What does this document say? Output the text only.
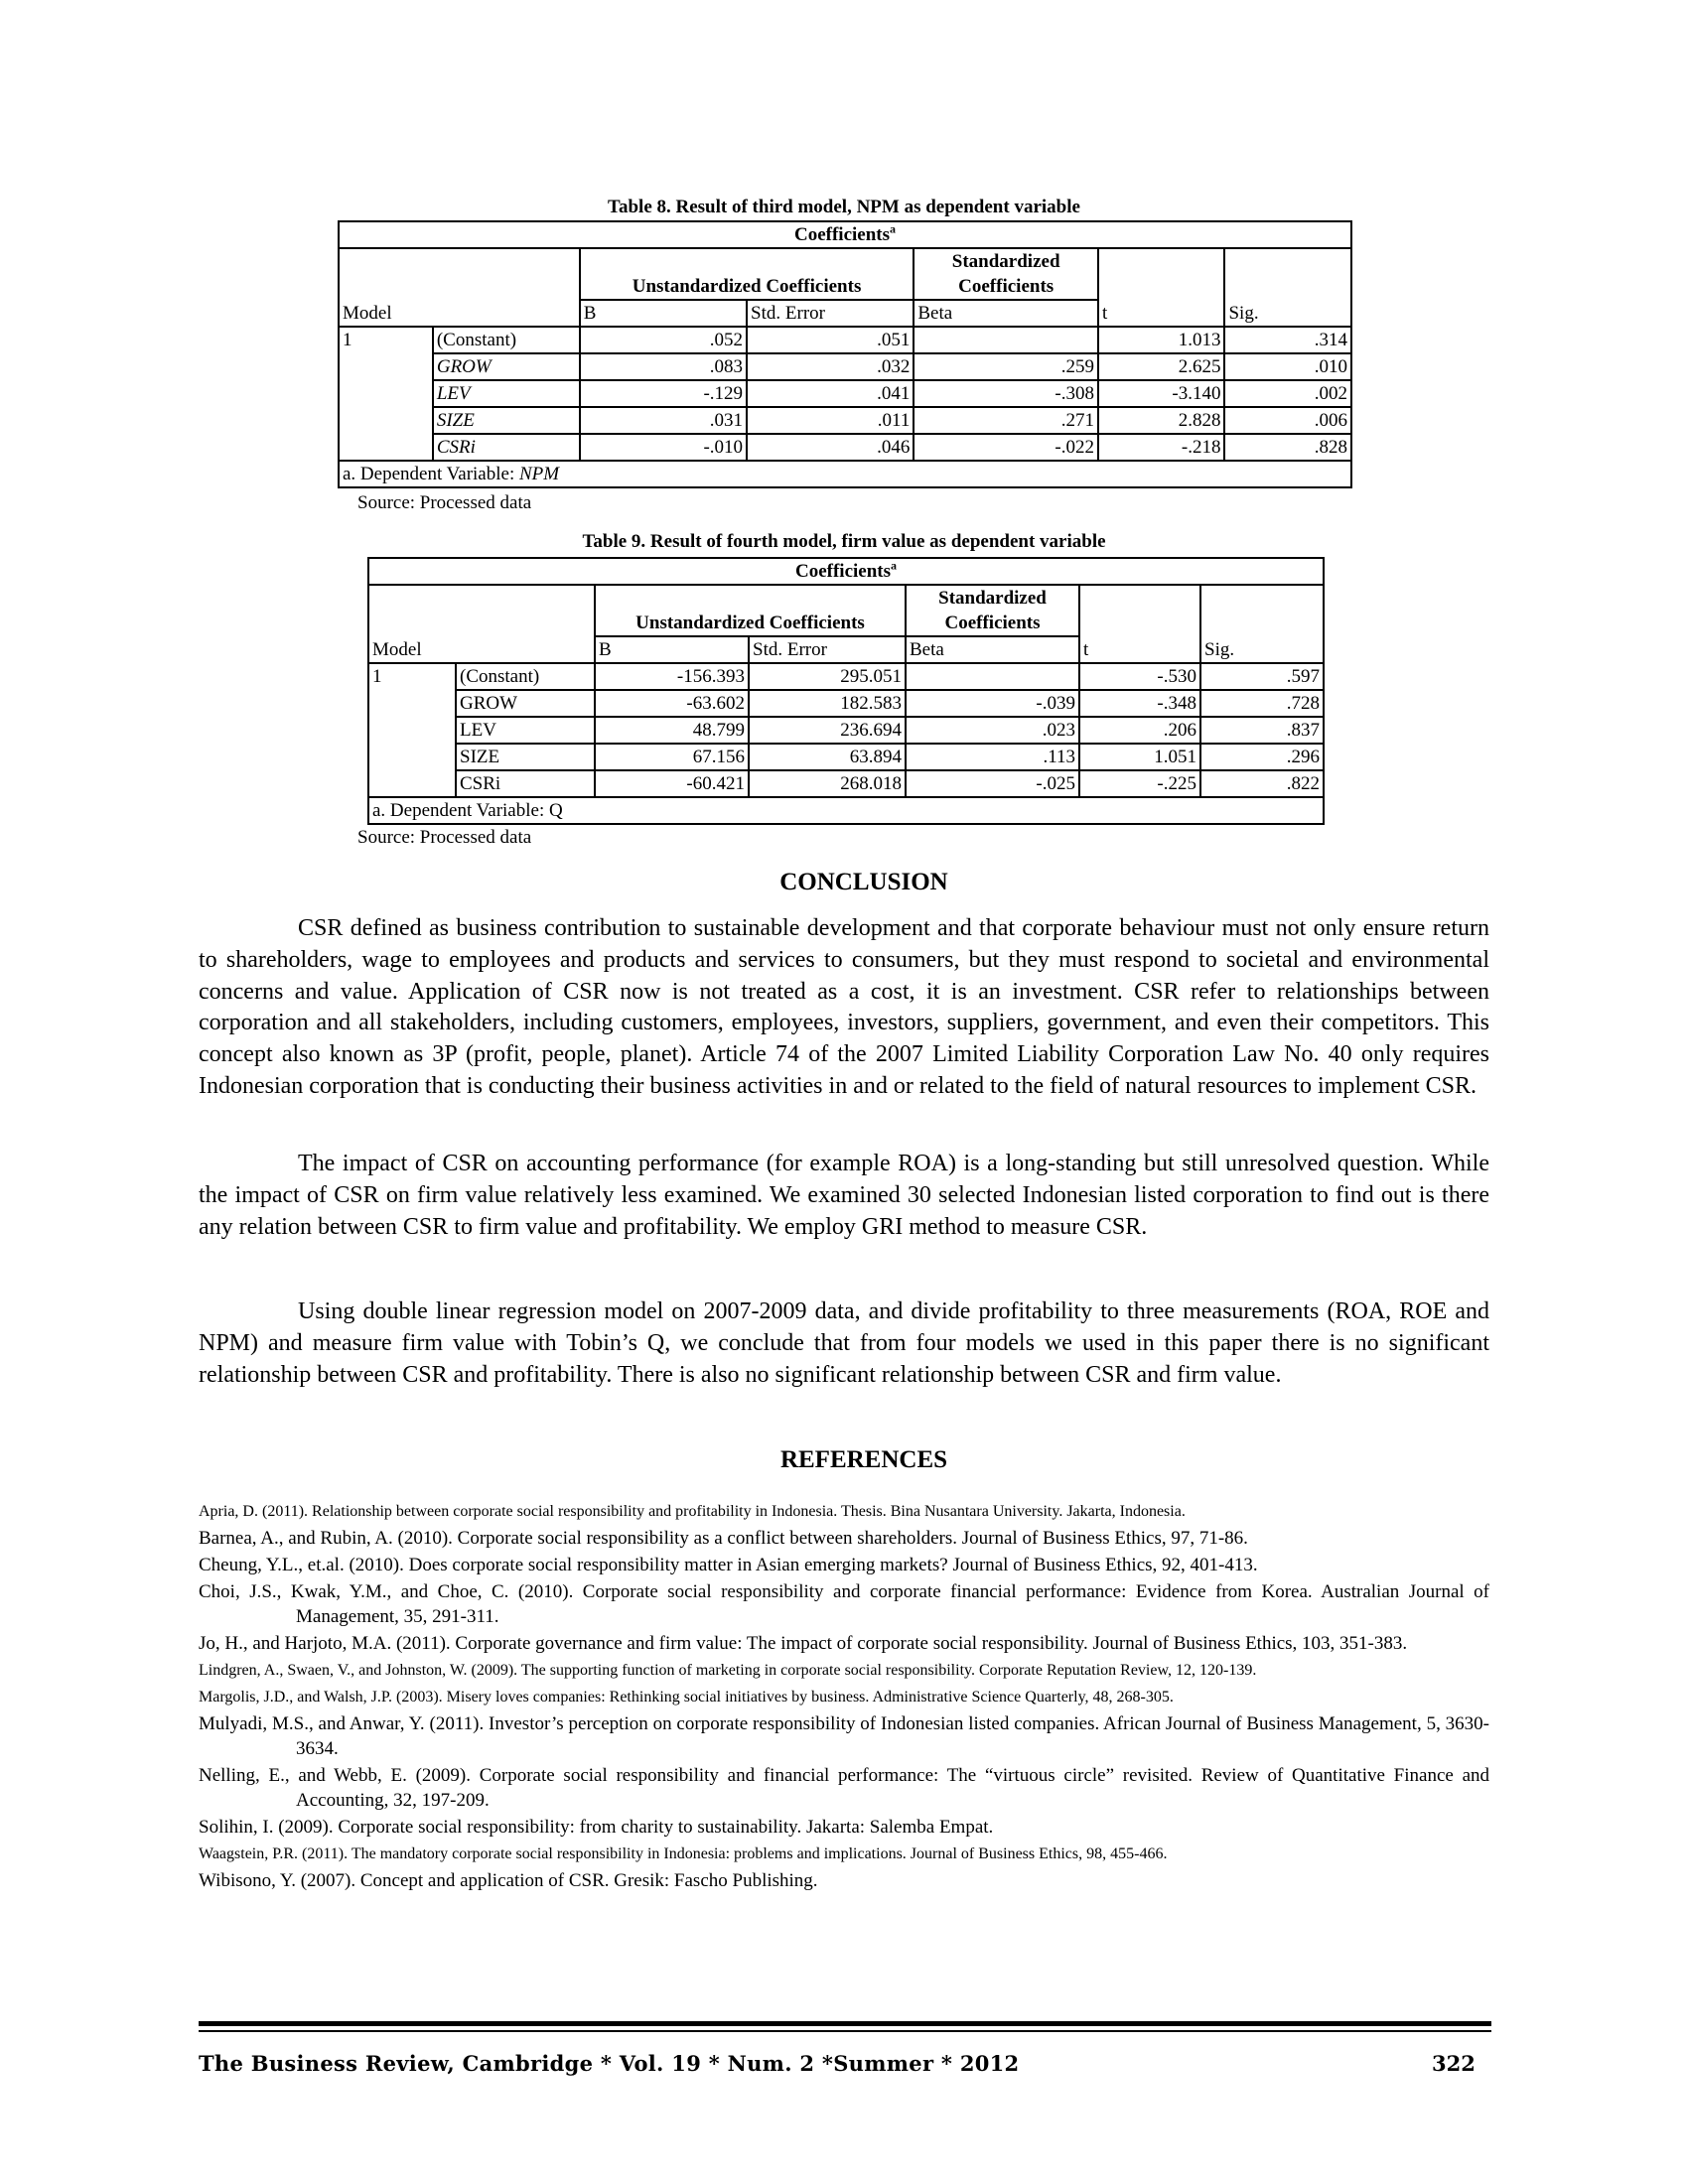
Table 8. Result of third model, NPM as dependent variable
Coefficients$^a$
		Unstandardized Coefficients		Standardized
Coefficients		

Model		B	Std. Error	Beta	t	Sig.
1	(Constant)	.052	.051		1.013	.314
	GROW	.083	.032	.259	2.625	.010
	LEV	-.129	.041	-.308	-3.140	.002
	SIZE	.031	.011	.271	2.828	.006
	CSRi	-.010	.046	-.022	-.218	.828
a. Dependent Variable: NPM						
Source: Processed data
Table 9. Result of fourth model, firm value as dependent variable
Coefficients$^a$
		Unstandardized Coefficients		Standardized
Coefficients		

Model		B	Std. Error	Beta	t	Sig.
1	(Constant)	-156.393	295.051		-.530	.597
	GROW	-63.602	182.583	-.039	-.348	.728
	LEV	48.799	236.694	.023	.206	.837
	SIZE	67.156	63.894	.113	1.051	.296
	CSRi	-60.421	268.018	-.025	-.225	.822
a. Dependent Variable: Q						
Source: Processed data
CONCLUSION

CSR defined as business contribution to sustainable development and that corporate behaviour must not only ensure return to shareholders, wage to employees and products and services to consumers, but they must respond to societal and environmental concerns and value. Application of CSR now is not treated as a cost, it is an investment. CSR refer to relationships between corporation and all stakeholders, including customers, employees, investors, suppliers, government, and even their competitors. This concept also known as 3P (profit, people, planet). Article 74 of the 2007 Limited Liability Corporation Law No. 40 only requires Indonesian corporation that is conducting their business activities in and or related to the field of natural resources to implement CSR.

The impact of CSR on accounting performance (for example ROA) is a long-standing but still unresolved question. While the impact of CSR on firm value relatively less examined. We examined 30 selected Indonesian listed corporation to find out is there any relation between CSR to firm value and profitability. We employ GRI method to measure CSR.

Using double linear regression model on 2007-2009 data, and divide profitability to three measurements (ROA, ROE and NPM) and measure firm value with Tobin’s Q, we conclude that from four models we used in this paper there is no significant relationship between CSR and profitability. There is also no significant relationship between CSR and firm value.

REFERENCES
Apria, D. (2011). Relationship between corporate social responsibility and profitability in Indonesia. Thesis. Bina Nusantara University. Jakarta, Indonesia.
Barnea, A., and Rubin, A. (2010). Corporate social responsibility as a conflict between shareholders. Journal of Business Ethics, 97, 71-86.
Cheung, Y.L., et.al. (2010). Does corporate social responsibility matter in Asian emerging markets? Journal of Business Ethics, 92, 401-413.
Choi, J.S., Kwak, Y.M., and Choe, C. (2010). Corporate social responsibility and corporate financial performance: Evidence from Korea. Australian Journal of Management, 35, 291-311.
Jo, H., and Harjoto, M.A. (2011). Corporate governance and firm value: The impact of corporate social responsibility. Journal of Business Ethics, 103, 351-383.
Lindgren, A., Swaen, V., and Johnston, W. (2009). The supporting function of marketing in corporate social responsibility. Corporate Reputation Review, 12, 120-139.
Margolis, J.D., and Walsh, J.P. (2003). Misery loves companies: Rethinking social initiatives by business. Administrative Science Quarterly, 48, 268-305.
Mulyadi, M.S., and Anwar, Y. (2011). Investor’s perception on corporate responsibility of Indonesian listed companies. African Journal of Business Management, 5, 3630-3634.
Nelling, E., and Webb, E. (2009). Corporate social responsibility and financial performance: The “virtuous circle” revisited. Review of Quantitative Finance and Accounting, 32, 197-209.
Solihin, I. (2009). Corporate social responsibility: from charity to sustainability. Jakarta: Salemba Empat.
Waagstein, P.R. (2011). The mandatory corporate social responsibility in Indonesia: problems and implications. Journal of Business Ethics, 98, 455-466.
Wibisono, Y. (2007). Concept and application of CSR. Gresik: Fascho Publishing.
The Business Review, Cambridge * Vol. 19 * Num. 2 *Summer * 2012	322
